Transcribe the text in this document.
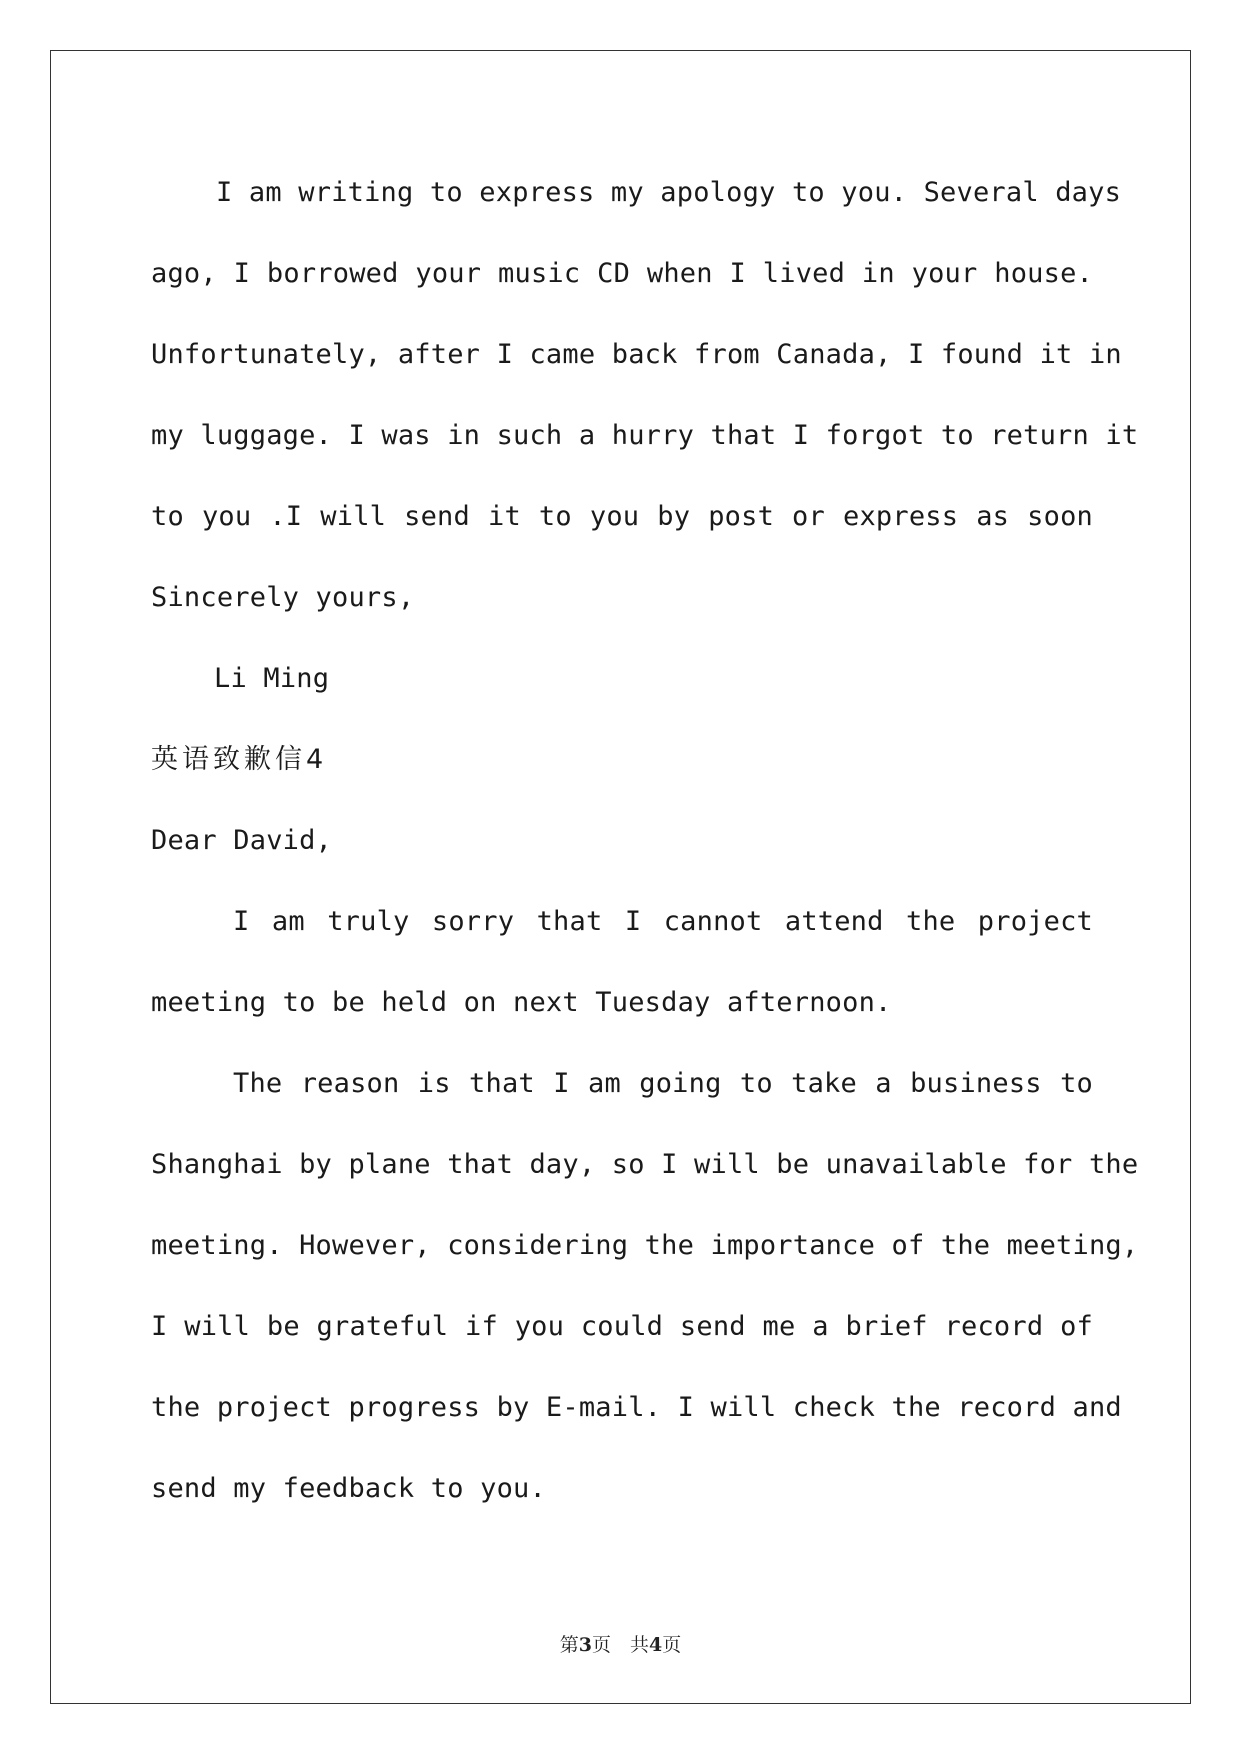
I am writing to express my apology to you. Several days
ago, I borrowed your music CD when I lived in your house.
Unfortunately, after I came back from Canada, I found it in
my luggage. I was in such a hurry that I forgot to return it
to you .I will send it to you by post or express as soon
Sincerely yours,
Li Ming
英语致歉信4
Dear David,
I am truly sorry that I cannot attend the project
meeting to be held on next Tuesday afternoon.
The reason is that I am going to take a business to
Shanghai by plane that day, so I will be unavailable for the
meeting. However, considering the importance of the meeting,
I will be grateful if you could send me a brief record of
the project progress by E-mail. I will check the record and
send my feedback to you.
第3页　共4页
